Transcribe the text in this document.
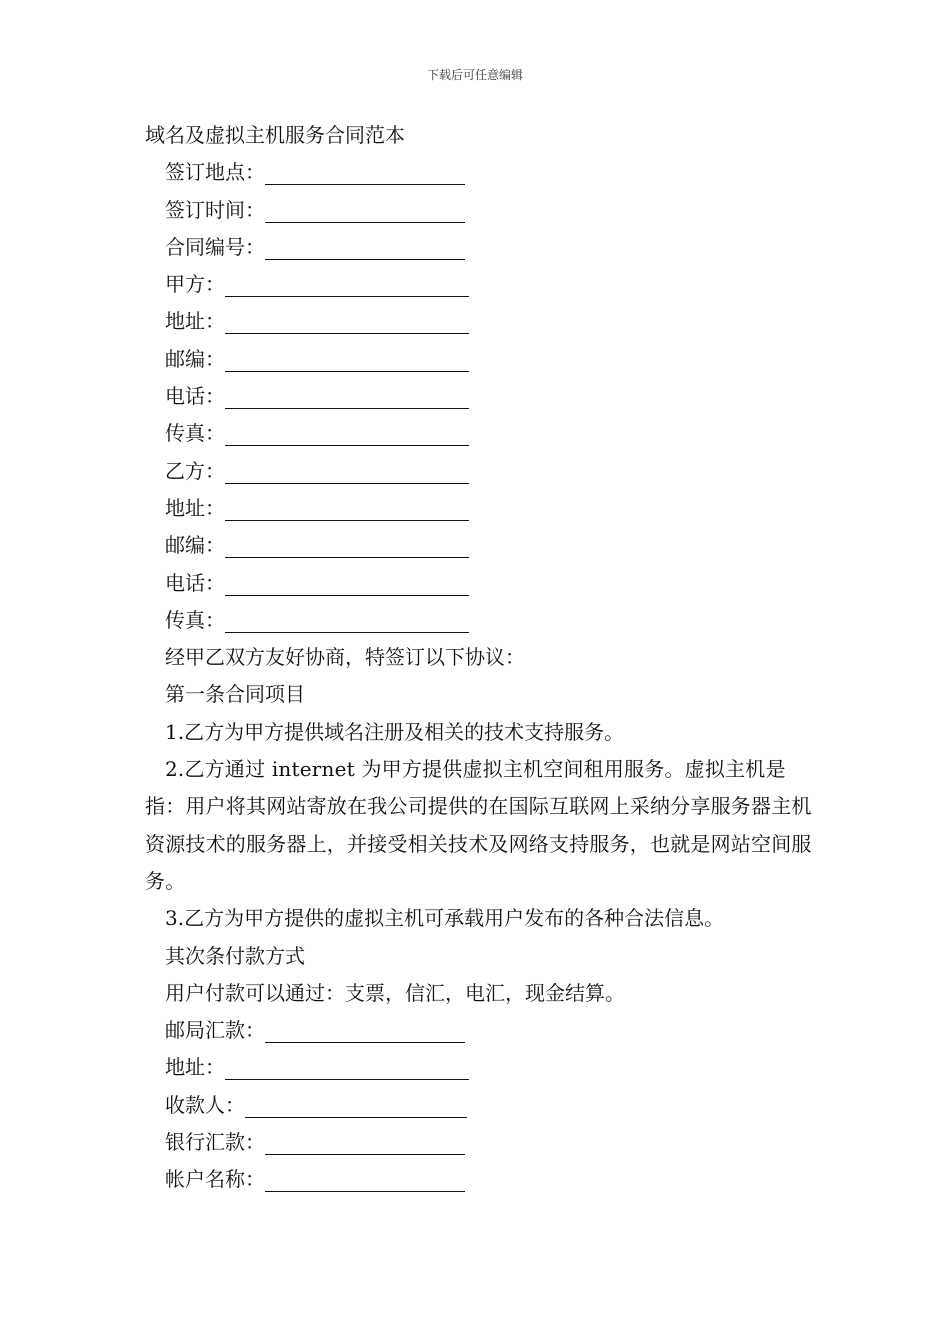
下载后可任意编辑
域名及虚拟主机服务合同范本
签订地点：
签订时间：
合同编号：
甲方：
地址：
邮编：
电话：
传真：
乙方：
地址：
邮编：
电话：
传真：
经甲乙双方友好协商，特签订以下协议：
第一条合同项目
1.乙方为甲方提供域名注册及相关的技术支持服务。
2.乙方通过 internet 为甲方提供虚拟主机空间租用服务。虚拟主机是指：用户将其网站寄放在我公司提供的在国际互联网上采纳分享服务器主机资源技术的服务器上，并接受相关技术及网络支持服务，也就是网站空间服务。
3.乙方为甲方提供的虚拟主机可承载用户发布的各种合法信息。
其次条付款方式
用户付款可以通过：支票，信汇，电汇，现金结算。
邮局汇款：
地址：
收款人：
银行汇款：
帐户名称：
